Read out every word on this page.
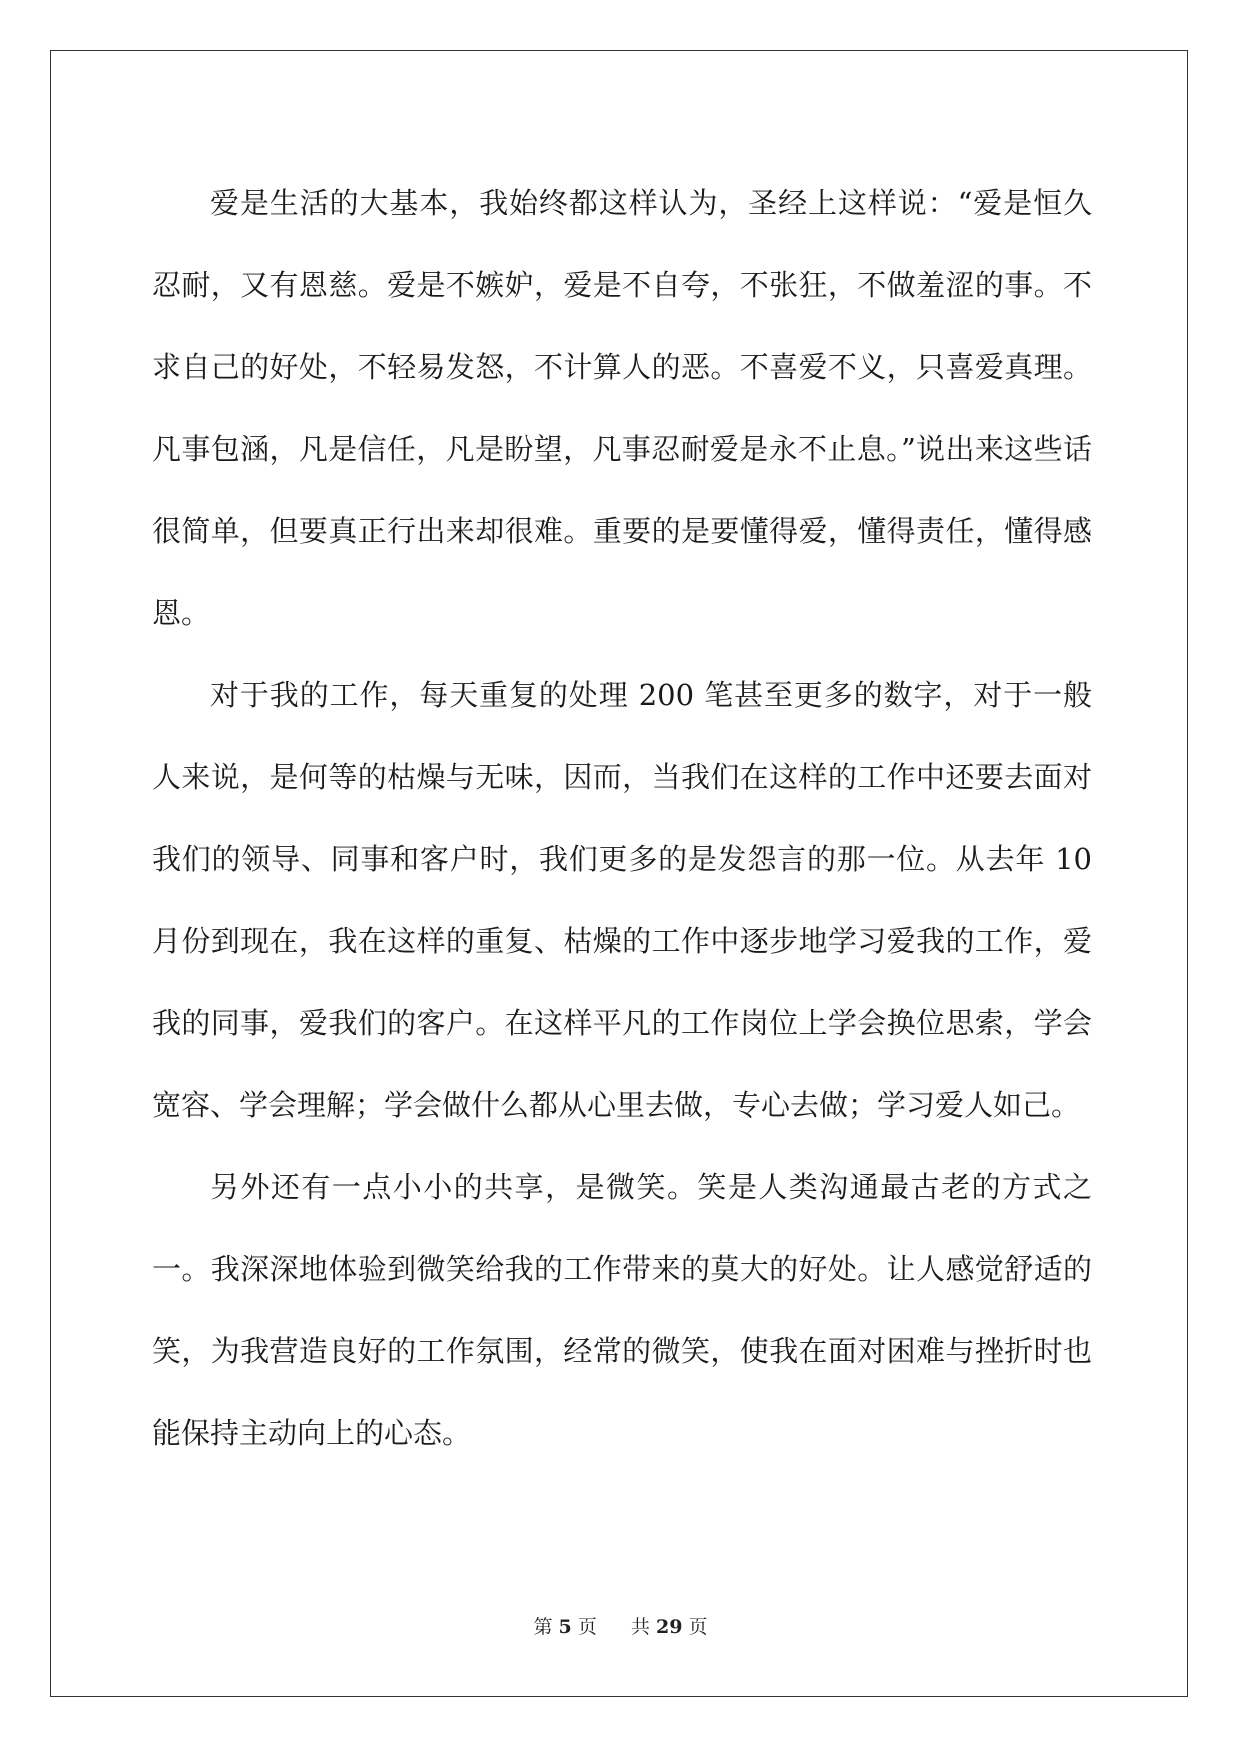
爱是生活的大基本，我始终都这样认为，圣经上这样说：“爱是恒久忍耐，又有恩慈。爱是不嫉妒，爱是不自夸，不张狂，不做羞涩的事。不求自己的好处，不轻易发怒，不计算人的恶。不喜爱不义，只喜爱真理。凡事包涵，凡是信任，凡是盼望，凡事忍耐爱是永不止息。”说出来这些话很简单，但要真正行出来却很难。重要的是要懂得爱，懂得责任，懂得感恩。

对于我的工作，每天重复的处理 200 笔甚至更多的数字，对于一般人来说，是何等的枯燥与无味，因而，当我们在这样的工作中还要去面对我们的领导、同事和客户时，我们更多的是发怨言的那一位。从去年 10 月份到现在，我在这样的重复、枯燥的工作中逐步地学习爱我的工作，爱我的同事，爱我们的客户。在这样平凡的工作岗位上学会换位思索，学会宽容、学会理解；学会做什么都从心里去做，专心去做；学习爱人如己。

另外还有一点小小的共享，是微笑。笑是人类沟通最古老的方式之一。我深深地体验到微笑给我的工作带来的莫大的好处。让人感觉舒适的笑，为我营造良好的工作氛围，经常的微笑，使我在面对困难与挫折时也能保持主动向上的心态。

第 5 页 共 29 页
